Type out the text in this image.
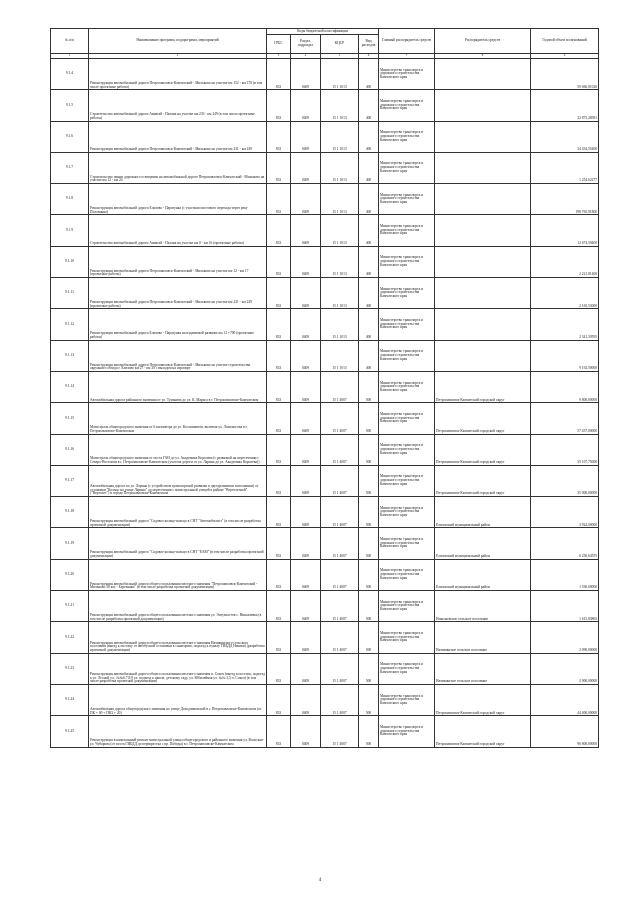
№ п/п	Наименование программ, подпрограмм, мероприятий	Коды бюджетной классификации				Главный распорядитель средств	Распорядитель средств	Годовой объем ассигнований
		ГРБС	Раздел, подраздел	КЦСР	Вид расходов			
1	2	3	4	5	6	7	8	9
9.1.4	Реконструкция автомобильной дороги Петропавловск-Камчатский - Мильково на участке км 152 - км 170 (в том числе проектные работы)	833	0409	15 1 1013	400	Министерство транспорта и дорожного строительства Камчатского края		50 666,01020
9.1.5	Строительство автомобильной дороги Анавгай - Палана на участке км 233 - км 249 (в том числе проектные работы)	833	0409	15 1 1013	400	Министерство транспорта и дорожного строительства Камчатского края		32 875,28581
9.1.6	Реконструкция автомобильной дороги Петропавловск-Камчатский - Мильково на участке км 231 - км 249	833	0409	15 1 1013	400	Министерство транспорта и дорожного строительства Камчатского края		34 434,55400
9.1.7	Строительство линии дорожного освещения на автомобильной дороге Петропавловск-Камчатский - Мильково на участке км 12 - км 24	833	0409	15 1 1013	400	Министерство транспорта и дорожного строительства Камчатского края		1 254,62277
9.1.8	Реконструкция автомобильной дороги Елизово - Паратунка (с участком мостового перехода через реку Половинка)	833	0409	15 1 1013	400	Министерство транспорта и дорожного строительства Камчатского края		198 765,91800
9.1.9	Строительство автомобильной дороги Анавгай - Палана на участке км 0 - км 16 (проектные работы)	833	0409	15 1 1013	400	Министерство транспорта и дорожного строительства Камчатского края		12 674,59400
9.1.10	Реконструкция автомобильной дороги Петропавловск-Камчатский - Мильково на участке км 12 - км 17 (проектные работы)	833	0409	15 1 1013	400	Министерство транспорта и дорожного строительства Камчатского края		2 221,81400
9.1.11	Реконструкция автомобильной дороги Петропавловск-Камчатский - Мильково на участке км 231 - км 249 (проектные работы)	833	0409	15 1 1013	400	Министерство транспорта и дорожного строительства Камчатского края		2 165,53000
9.1.12	Реконструкция автомобильной дороги Елизово - Паратунка на издаваемой развязке км 12 +700 (проектные работы)	833	0409	15 1 1013	400	Министерство транспорта и дорожного строительства Камчатского края		2 341,39595
9.1.13	Реконструкция автомобильной дороги Петропавловск-Камчатский - Мильково на участке строительства окружного обхода г. Елизово км 27 - км 30 с выходом на аэропорт	833	0409	15 1 1013	400	Министерство транспорта и дорожного строительства Камчатского края		9 192,50000
9.1.14	Автомобильная дорога районного значения от ул. Туманова до ул. К. Маркса в г. Петропавловске-Камчатском	833	0409	15 1 4007	500	Министерство транспорта и дорожного строительства Камчатского края	Петропавловск-Камчатский городской округ	9 800,00000
9.1.15	Магистраль общегородского значения от 6 километра до ул. Космонавтов, включая ул. Ломоносова в г. Петропавловске-Камчатском	833	0409	15 1 4007	500	Министерство транспорта и дорожного строительства Камчатского края	Петропавловск-Камчатский городской округ	57 437,00000
9.1.16	Магистраль общегородского значения от поста ГАИ до ул. Академика Королева (с развязкой на пересечении с Северо-Востоком в г. Петропавловске-Камчатском (участок дороги от ул. Ларина до ул. Академика Королева))	833	0409	15 1 4007	500	Министерство транспорта и дорожного строительства Камчатского края	Петропавловск-Камчатский городской округ	35 107,75000
9.1.17	Автомобильная дорога по ул. Ларина (с устройством транспортной развязки в двухуровневом исполнении) от остановки "Кольцо на улице Ларина" до пересечения с магистральной улицей в районе "Вертолетной" ("Вертолет") в городе Петропавловске-Камчатском	833	0409	15 1 4007	500	Министерство транспорта и дорожного строительства Камчатского края	Петропавловск-Камчатский городской округ	35 000,00000
9.1.18	Реконструкция автомобильной дороги "Садовое кольцо-кольцо в СНТ "Автомобилист" (в том числе разработка проектной документации)	833	0409	15 1 4007	500	Министерство транспорта и дорожного строительства Камчатского края	Елизовский муниципальный район	3 924,00000
9.1.19	Реконструкция автомобильной дороги "Садовое кольцо-кольцо в СНТ "ЕАМ" (в том числе разработка проектной документации)	833	0409	15 1 4007	500	Министерство транспорта и дорожного строительства Камчатского края	Елизовский муниципальный район	6 250,64555
9.1.20	Реконструкция автомобильной дороги общего пользования местного значения "Петропавловск-Камчатский - Мильково 56 км. - Березняки" (в том числе разработка проектной документации)	833	0409	15 1 4007	500	Министерство транспорта и дорожного строительства Камчатского края	Елизовский муниципальный район	1 530,00000
9.1.21	Реконструкция автомобильной дороги общего пользования местного значения ул. Энтузиастов с. Николаевка (в том числе разработка проектной документации)	833	0409	15 1 4007	500	Министерство транспорта и дорожного строительства Камчатского края	Николаевское сельское поселение	1 615,83865
9.1.22	Реконструкция автомобильной дороги общего пользования местного значения Начикинского сельского поселения (выезд к поселку от автобусной остановки к санаторию, подъезд к пункту ГИБДД Начики) (разработка проектной документации)	833	0409	15 1 4007	500	Министерство транспорта и дорожного строительства Камчатского края	Начикинское сельское поселение	2 090,00000
9.1.23	Реконструкция автомобильной дороги общего пользования местного значения п. Сокоч (выезд в поселок, подъезд к ул. Лесной ул., №№6,7,8,9 ул. подъезд к школе, детскому саду, ул. Юбилейная ул. №№ 3,5 п. Сокоч) (в том числе разработка проектной документации)	833	0409	15 1 4007	500	Министерство транспорта и дорожного строительства Камчатского края	Начикинское сельское поселение	2 000,00000
9.1.24	Автомобильная дорога общегородского значения по улице Доходчиковской в г. Петропавловске-Камчатском (от ПК + 00 + ПК3 + 20)	833	0409	15 1 4007	500	Министерство транспорта и дорожного строительства Камчатского края	Петропавловск-Камчатский городской округ	44 400,00000
9.1.25	Реконструкция в капитальный ремонт магистральной улицы общегородского и районного значения ул. Вольская-ул. Чубарова (от поста ГИБДД до перекрестка с пр. Победы) в г. Петропавловске-Камчатском	833	0409	15 1 4007	500	Министерство транспорта и дорожного строительства Камчатского края	Петропавловск-Камчатский городской округ	96 800,00000
4
